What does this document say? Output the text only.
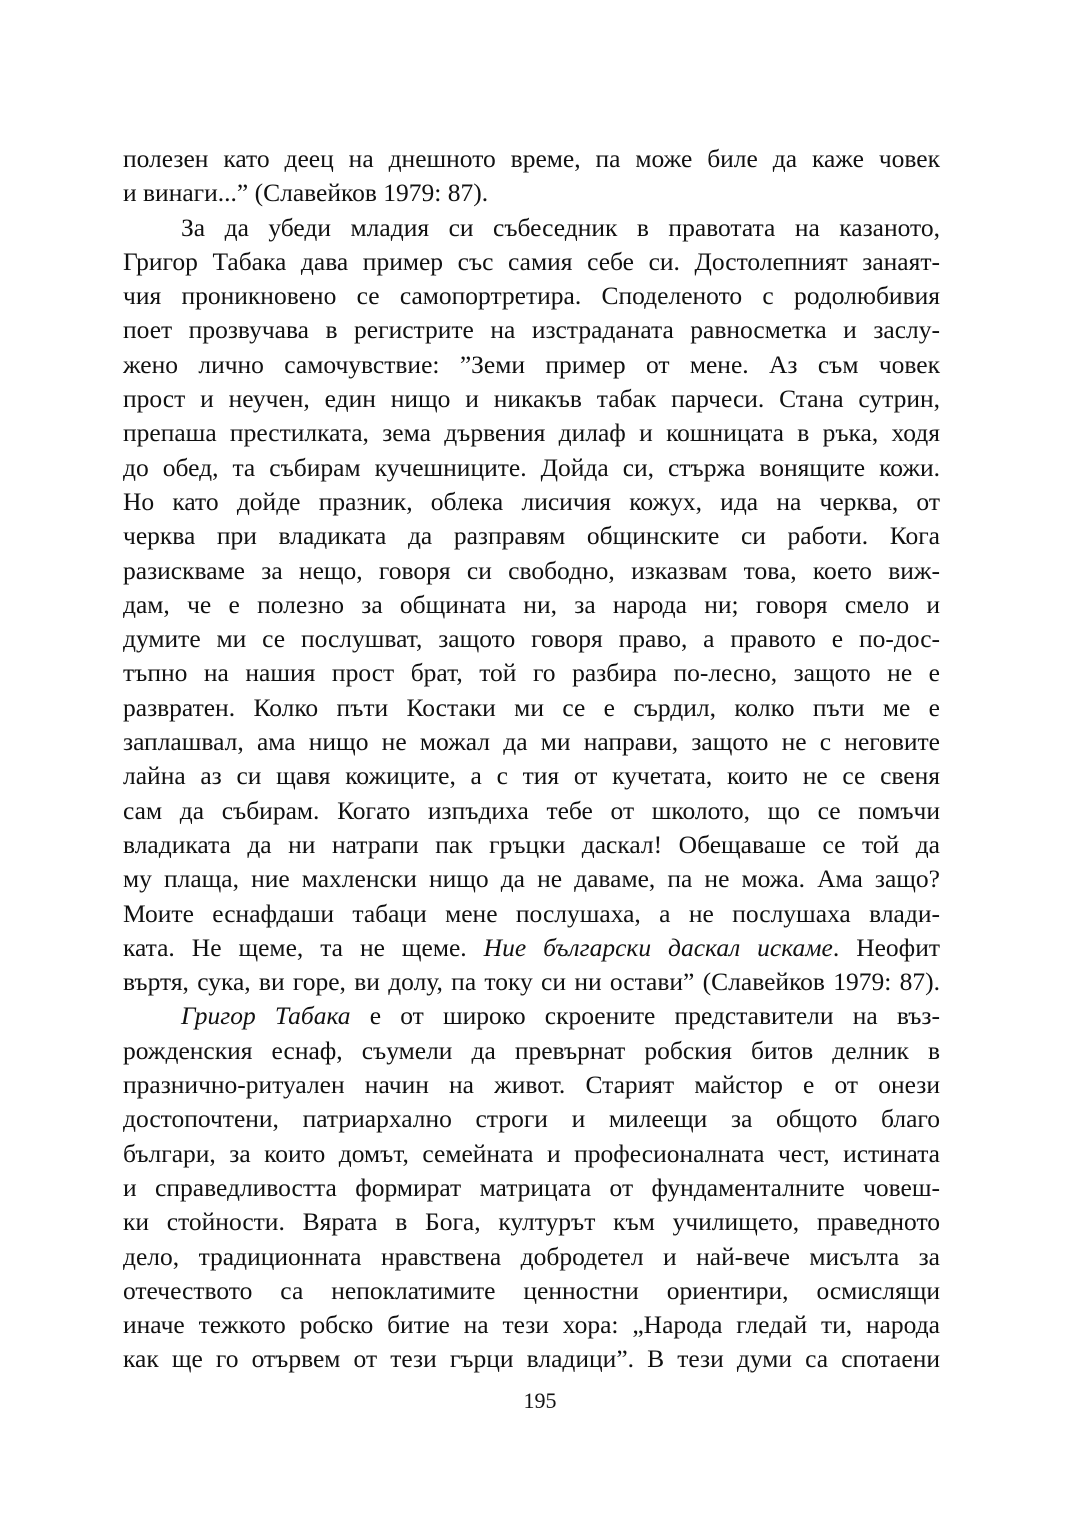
полезен като деец на днешното време, па може биле да каже човек
и винаги...” (Славейков 1979: 87).
За да убеди младия си събеседник в правотата на казаното,
Григор Табака дава пример със самия себе си. Достолепният занаят-
чия проникновено се самопортретира. Споделеното с родолюбивия
поет прозвучава в регистрите на изстраданата равносметка и заслу-
жено лично самочувствие: ”Земи пример от мене. Аз съм човек
прост и неучен, един нищо и никакъв табак парчеси. Стана сутрин,
препаша престилката, зема дървения дилаф и кошницата в ръка, ходя
до обед, та събирам кучешниците. Дойда си, стържа вонящите кожи.
Но като дойде празник, облека лисичия кожух, ида на черква, от
черква при владиката да разправям общинските си работи. Кога
разискваме за нещо, говоря си свободно, изказвам това, което виж-
дам, че е полезно за общината ни, за народа ни; говоря смело и
думите ми се послушват, защото говоря право, а правото е по-дос-
тъпно на нашия прост брат, той го разбира по-лесно, защото не е
развратен. Колко пъти Костаки ми се е сърдил, колко пъти ме е
заплашвал, ама нищо не можал да ми направи, защото не с неговите
лайна аз си щавя кожиците, а с тия от кучетата, които не се свеня
сам да събирам. Когато изпъдиха тебе от школото, що се помъчи
владиката да ни натрапи пак гръцки даскал! Обещаваше се той да
му плаща, ние махленски нищо да не даваме, па не можа. Ама защо?
Моите еснафдаши табаци мене послушаха, а не послушаха влади-
ката. Не щеме, та не щеме. Ние български даскал искаме. Неофит
въртя, сука, ви горе, ви долу, па току си ни остави” (Славейков 1979: 87).
Григор Табака е от широко скроените представители на въз-
рожденския еснаф, съумели да превърнат робския битов делник в
празнично-ритуален начин на живот. Старият майстор е от онези
достопочтени, патриархално строги и милеещи за общото благо
българи, за които домът, семейната и професионалната чест, истината
и справедливостта формират матрицата от фундаменталните човеш-
ки стойности. Вярата в Бога, културът към училището, праведното
дело, традиционната нравствена добродетел и най-вече мисълта за
отечеството са непоклатимите ценностни ориентири, осмислящи
иначе тежкото робско битие на тези хора: „Народа гледай ти, народа
как ще го отървем от тези гърци владици”. В тези думи са спотаени
195
